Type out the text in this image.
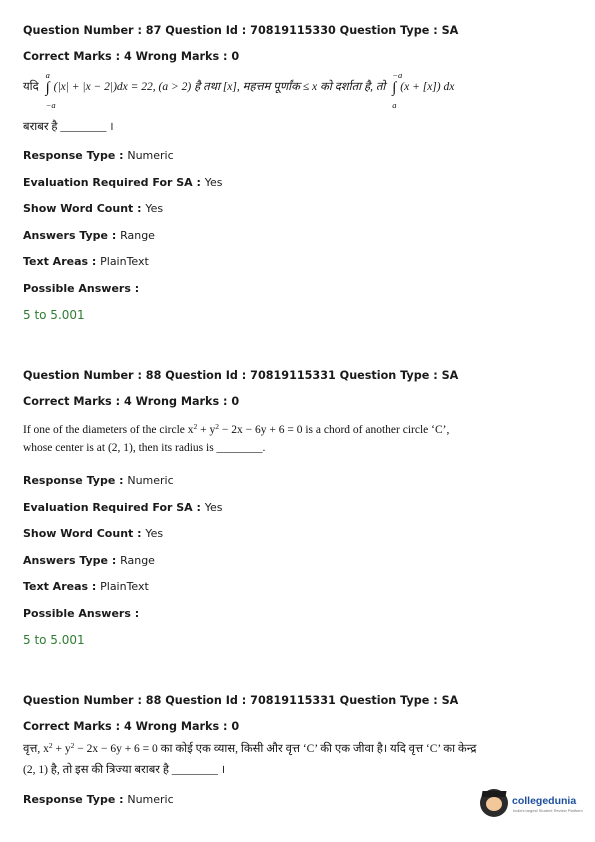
Question Number : 87 Question Id : 70819115330 Question Type : SA
Correct Marks : 4 Wrong Marks : 0
यदि ∫
a
−a
(|x| + |x − 2|)dx = 22, (a > 2) है तथा [x], महत्तम पूर्णांक ≤ x को दर्शाता है, तो ∫
−a
a
(x + [x]) dx
बराबर है ________ ।
Response Type : Numeric
Evaluation Required For SA : Yes
Show Word Count : Yes
Answers Type : Range
Text Areas : PlainText
Possible Answers :
5 to 5.001
Question Number : 88 Question Id : 70819115331 Question Type : SA
Correct Marks : 4 Wrong Marks : 0
If one of the diameters of the circle $x^2 + y^2 - 2x - 6y + 6 = 0$ is a chord of another circle ‘C’,
whose center is at (2, 1), then its radius is ________.
Response Type : Numeric
Evaluation Required For SA : Yes
Show Word Count : Yes
Answers Type : Range
Text Areas : PlainText
Possible Answers :
5 to 5.001
Question Number : 88 Question Id : 70819115331 Question Type : SA
Correct Marks : 4 Wrong Marks : 0
वृत्त, $x^2 + y^2 - 2x - 6y + 6 = 0$ का कोई एक व्यास, किसी और वृत्त ‘C’ की एक जीवा है। यदि वृत्त ‘C’ का केन्द्र
(2, 1) है, तो इस की त्रिज्या बराबर है ________ ।
Response Type : Numeric	collegedunia
India's largest Student Review Platform
